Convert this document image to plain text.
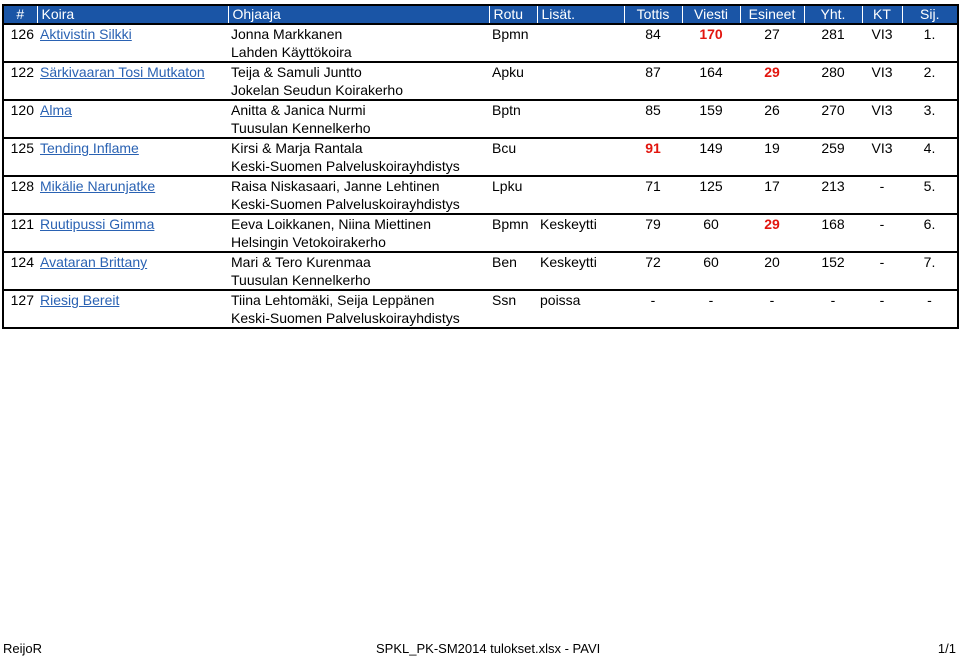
#	Koira	Ohjaaja	Rotu	Lisät.	Tottis	Viesti	Esineet	Yht.	KT	Sij.
126	Aktivistin Silkki	Jonna Markkanen	Bpmn		84	170	27	281	VI3	1.
		Lahden Käyttökoira								
122	Särkivaaran Tosi Mutkaton	Teija & Samuli Juntto	Apku		87	164	29	280	VI3	2.
		Jokelan Seudun Koirakerho								
120	Alma	Anitta & Janica Nurmi	Bptn		85	159	26	270	VI3	3.
		Tuusulan Kennelkerho								
125	Tending Inflame	Kirsi & Marja Rantala	Bcu		91	149	19	259	VI3	4.
		Keski-Suomen Palveluskoirayhdistys								
128	Mikälie Narunjatke	Raisa Niskasaari, Janne Lehtinen	Lpku		71	125	17	213	-	5.
		Keski-Suomen Palveluskoirayhdistys								
121	Ruutipussi Gimma	Eeva Loikkanen, Niina Miettinen	Bpmn	Keskeytti	79	60	29	168	-	6.
		Helsingin Vetokoirakerho								
124	Avataran Brittany	Mari & Tero Kurenmaa	Ben	Keskeytti	72	60	20	152	-	7.
		Tuusulan Kennelkerho								
127	Riesig Bereit	Tiina Lehtomäki, Seija Leppänen	Ssn	poissa	-	-	-	-	-	-
		Keski-Suomen Palveluskoirayhdistys								
ReijoR	SPKL_PK-SM2014 tulokset.xlsx - PAVI	1/1
